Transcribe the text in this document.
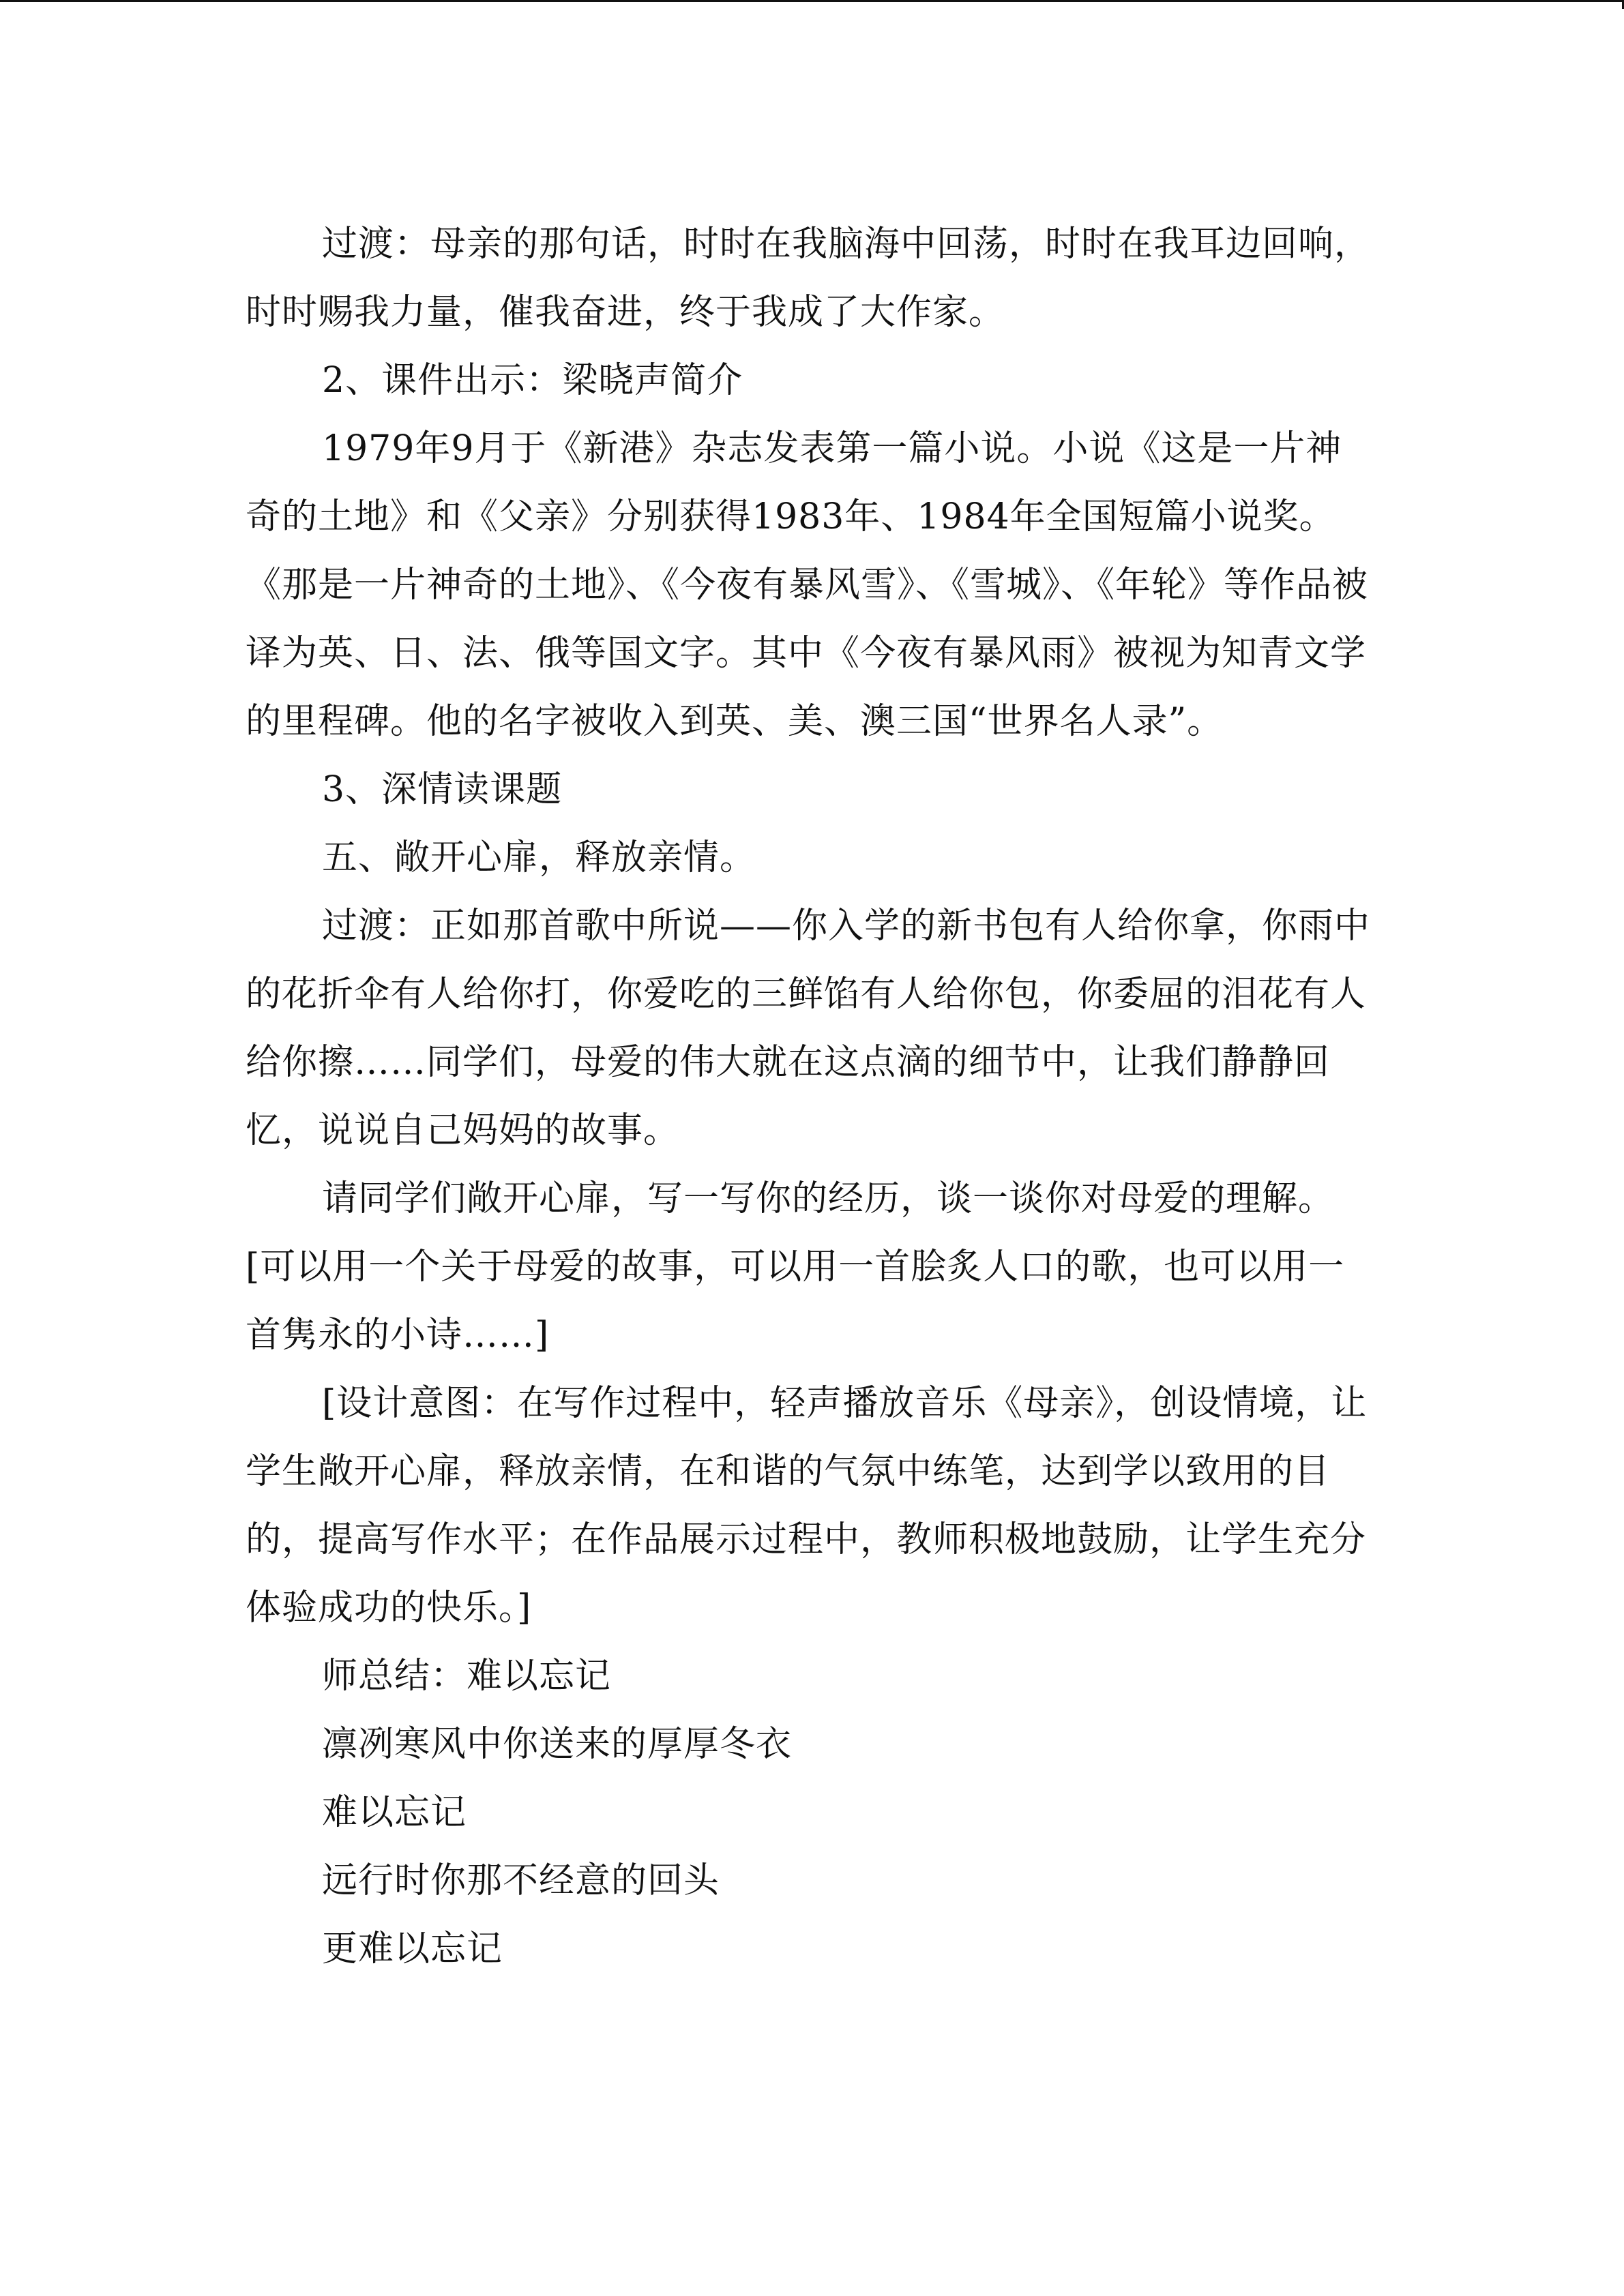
过渡：母亲的那句话，时时在我脑海中回荡，时时在我耳边回响，时时赐我力量，催我奋进，终于我成了大作家。

2、课件出示：梁晓声简介

1979年9月于《新港》杂志发表第一篇小说。小说《这是一片神奇的土地》和《父亲》分别获得1983年、1984年全国短篇小说奖。《那是一片神奇的土地》、《今夜有暴风雪》、《雪城》、《年轮》等作品被译为英、日、法、俄等国文字。其中《今夜有暴风雨》被视为知青文学的里程碑。他的名字被收入到英、美、澳三国“世界名人录”。

3、深情读课题

五、敞开心扉，释放亲情。

过渡：正如那首歌中所说——你入学的新书包有人给你拿，你雨中的花折伞有人给你打，你爱吃的三鲜馅有人给你包，你委屈的泪花有人给你擦……同学们，母爱的伟大就在这点滴的细节中，让我们静静回忆，说说自己妈妈的故事。

请同学们敞开心扉，写一写你的经历，谈一谈你对母爱的理解。[可以用一个关于母爱的故事，可以用一首脍炙人口的歌，也可以用一首隽永的小诗……]

[设计意图：在写作过程中，轻声播放音乐《母亲》，创设情境，让学生敞开心扉，释放亲情，在和谐的气氛中练笔，达到学以致用的目的，提高写作水平；在作品展示过程中，教师积极地鼓励，让学生充分体验成功的快乐。]

师总结：难以忘记

凛冽寒风中你送来的厚厚冬衣

难以忘记

远行时你那不经意的回头

更难以忘记
